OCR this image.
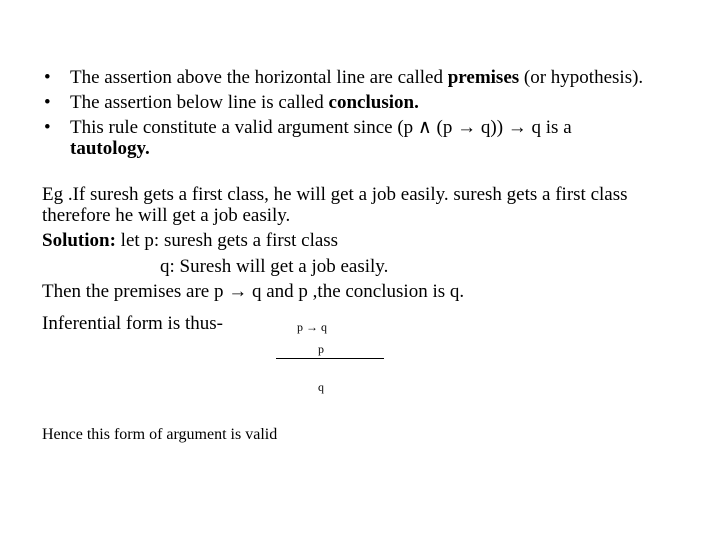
• The assertion above the horizontal line are called premises (or hypothesis).
• The assertion below line is called conclusion.
• This rule constitute a valid argument since (p ∧ (p → q)) → q is a tautology.

Eg .If suresh gets a first class, he will get a job easily. suresh gets a first class therefore he will get a job easily.

Solution: let p: suresh gets a first class

q: Suresh will get a job easily.

Then the premises are p → q and p ,the conclusion is q.

Inferential form is thus-	p → q
p
q
Hence this form of argument is valid
